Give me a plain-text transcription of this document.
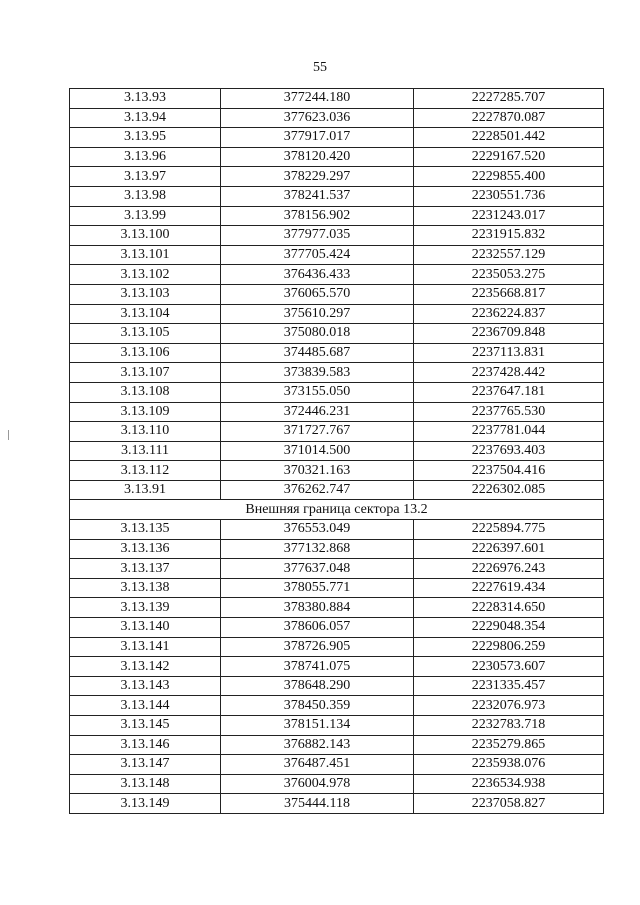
55
3.13.93	377244.180	2227285.707
3.13.94	377623.036	2227870.087
3.13.95	377917.017	2228501.442
3.13.96	378120.420	2229167.520
3.13.97	378229.297	2229855.400
3.13.98	378241.537	2230551.736
3.13.99	378156.902	2231243.017
3.13.100	377977.035	2231915.832
3.13.101	377705.424	2232557.129
3.13.102	376436.433	2235053.275
3.13.103	376065.570	2235668.817
3.13.104	375610.297	2236224.837
3.13.105	375080.018	2236709.848
3.13.106	374485.687	2237113.831
3.13.107	373839.583	2237428.442
3.13.108	373155.050	2237647.181
3.13.109	372446.231	2237765.530
3.13.110	371727.767	2237781.044
3.13.111	371014.500	2237693.403
3.13.112	370321.163	2237504.416
3.13.91	376262.747	2226302.085
Внешняя граница сектора 13.2		
3.13.135	376553.049	2225894.775
3.13.136	377132.868	2226397.601
3.13.137	377637.048	2226976.243
3.13.138	378055.771	2227619.434
3.13.139	378380.884	2228314.650
3.13.140	378606.057	2229048.354
3.13.141	378726.905	2229806.259
3.13.142	378741.075	2230573.607
3.13.143	378648.290	2231335.457
3.13.144	378450.359	2232076.973
3.13.145	378151.134	2232783.718
3.13.146	376882.143	2235279.865
3.13.147	376487.451	2235938.076
3.13.148	376004.978	2236534.938
3.13.149	375444.118	2237058.827
